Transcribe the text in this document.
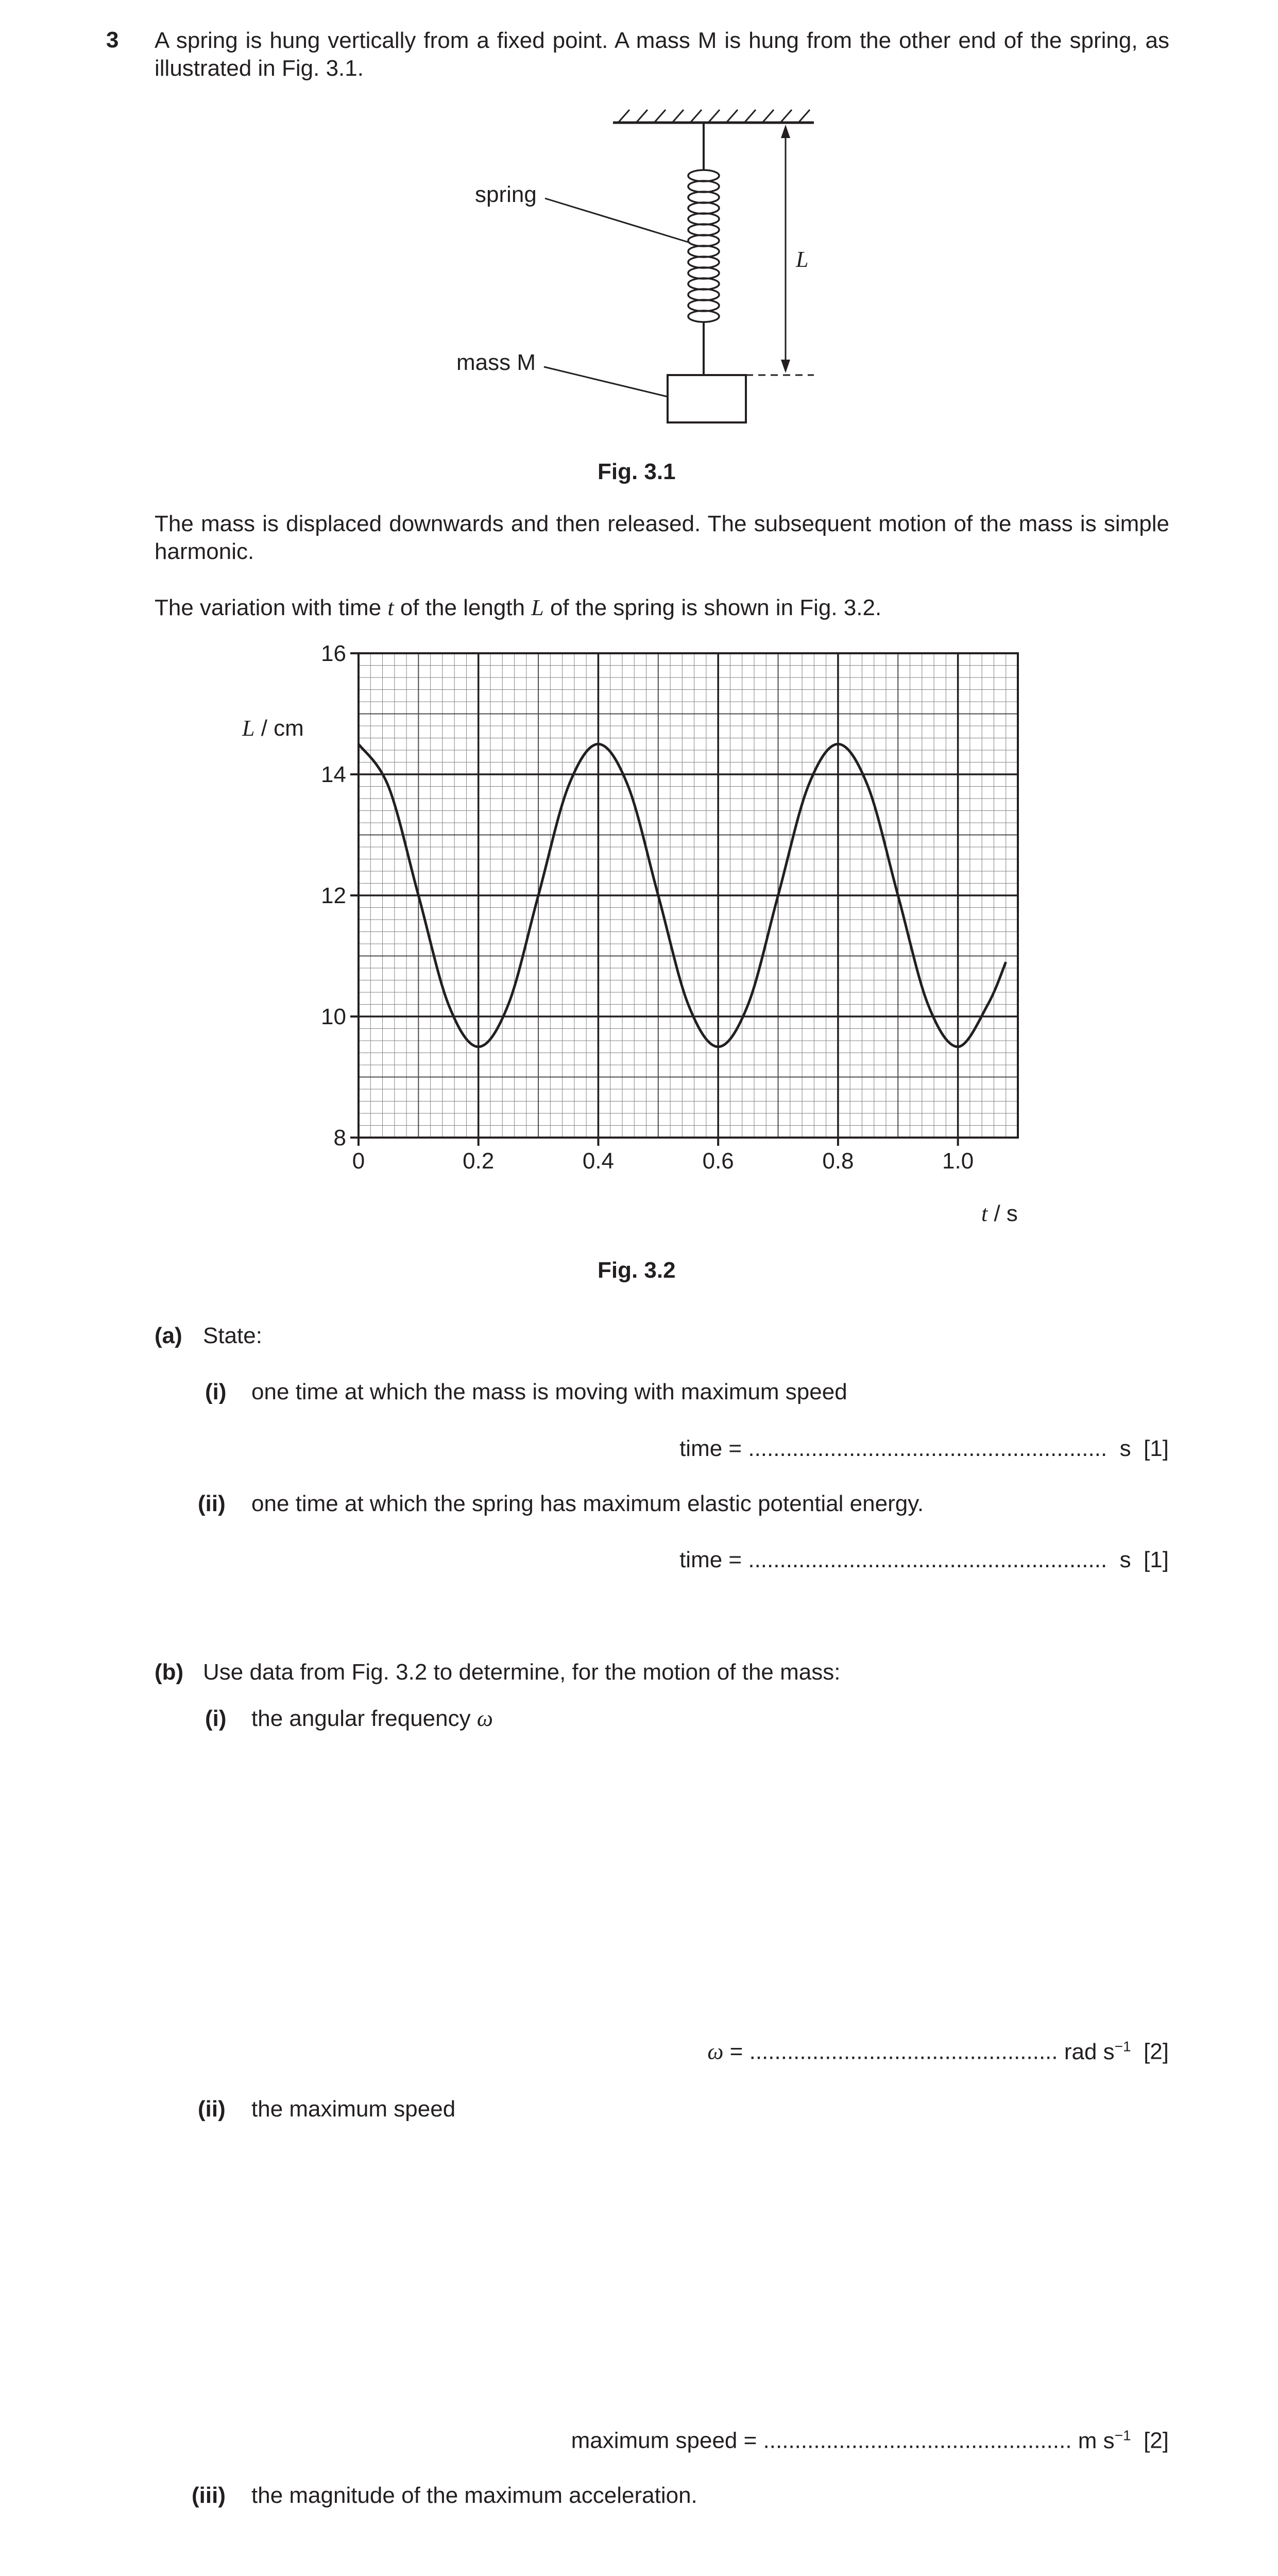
3 A spring is hung vertically from a fixed point. A mass M is hung from the other end of the spring, as illustrated in Fig. 3.1.
spring
mass M
L
Fig. 3.1
The mass is displaced downwards and then released. The subsequent motion of the mass is simple harmonic.
The variation with time t of the length L of the spring is shown in Fig. 3.2.
0	0.2	0.4	0.6	0.8	1.0
8
10
12
14
16
L / cm
t / s
Fig. 3.2
(a) State:
(i) one time at which the mass is moving with maximum speed
time = ......................................................... s [1]
(ii) one time at which the spring has maximum elastic potential energy.
time = ......................................................... s [1]
(b) Use data from Fig. 3.2 to determine, for the motion of the mass:
(i) the angular frequency ω
ω = ................................................. rad $s^{-1}$ [2]
(ii) the maximum speed
maximum speed = ................................................. m $s^{-1}$ [2]
(iii) the magnitude of the maximum acceleration.
